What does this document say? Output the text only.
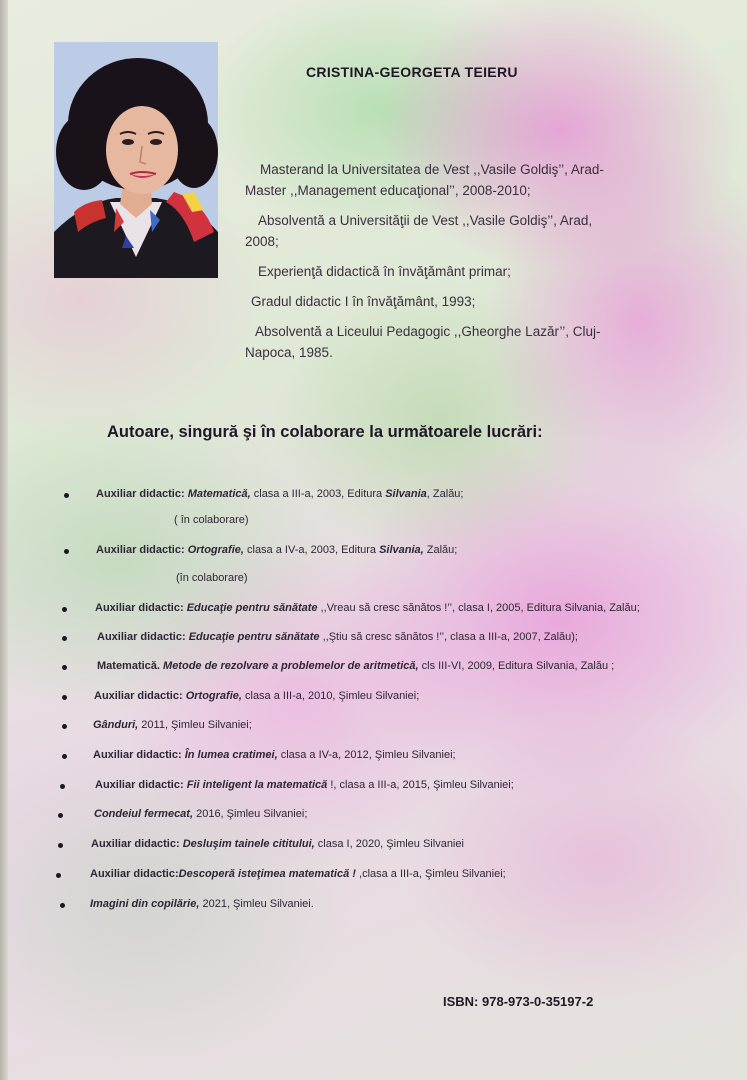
CRISTINA-GEORGETA TEIERU

Masterand la Universitatea de Vest ,,Vasile Goldiş’’, Arad-

Master ,,Management educaţional’’, 2008-2010;

Absolventă a Universităţii de Vest ,,Vasile Goldiş’’, Arad,

2008;

Experienţă didactică în învăţământ primar;

Gradul didactic I în învăţământ, 1993;

Absolventă a Liceului Pedagogic ,,Gheorghe Lazăr’’, Cluj-

Napoca, 1985.

Autoare, singură şi în colaborare la următoarele lucrări:
Auxiliar didactic: Matematică, clasa a III-a, 2003, Editura Silvania, Zalău;
Auxiliar didactic: Ortografie, clasa a IV-a, 2003, Editura Silvania, Zalău;
Auxiliar didactic: Educaţie pentru sănătate ,,Vreau să cresc sănătos !’’, clasa I, 2005, Editura Silvania, Zalău;
Auxiliar didactic: Educaţie pentru sănătate ,,Ştiu să cresc sănătos !’’, clasa a III-a, 2007, Zalău);
Matematică. Metode de rezolvare a problemelor de aritmetică, cls III-VI, 2009, Editura Silvania, Zalău ;
Auxiliar didactic: Ortografie, clasa a III-a, 2010, Şimleu Silvaniei;
Gânduri, 2011, Şimleu Silvaniei;
Auxiliar didactic: În lumea cratimei, clasa a IV-a, 2012, Şimleu Silvaniei;
Auxiliar didactic: Fii inteligent la matematică !, clasa a III-a, 2015, Şimleu Silvaniei;
Condeiul fermecat, 2016, Şimleu Silvaniei;
Auxiliar didactic: Desluşim tainele cititului, clasa I, 2020, Şimleu Silvaniei
Auxiliar didactic:Descoperă isteţimea matematică ! ,clasa a III-a, Şimleu Silvaniei;
Imagini din copilărie, 2021, Şimleu Silvaniei.
( în colaborare)
(în colaborare)
ISBN: 978-973-0-35197-2
